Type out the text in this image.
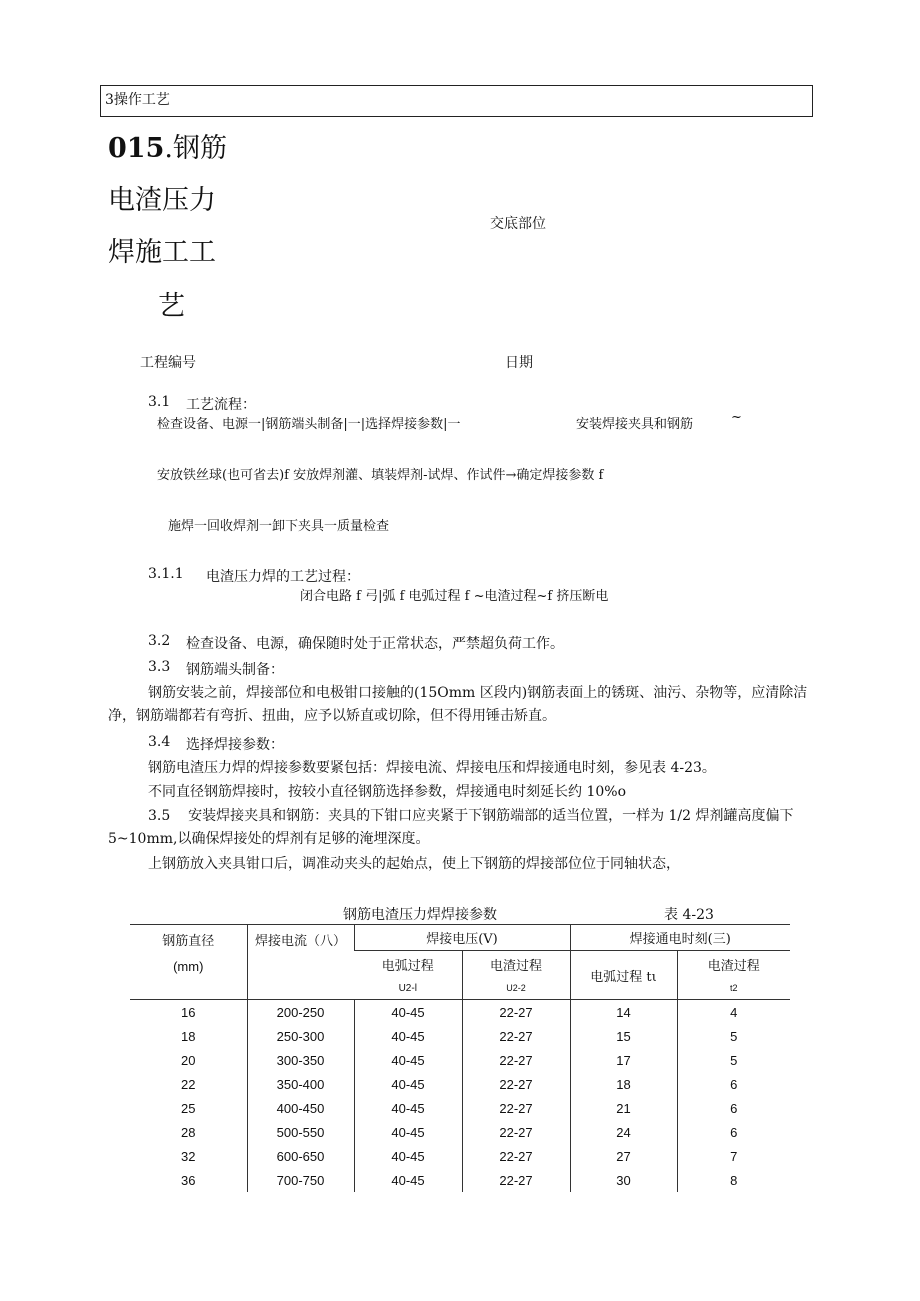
3操作工艺
015.钢筋
电渣压力
焊施工工
艺
交底部位
工程编号	日期
3.1 工艺流程：
检查设备、电源一|钢筋端头制备|一|选择焊接参数|一	安装焊接夹具和钢筋	~
安放铁丝球(也可省去)f 安放焊剂灌、填装焊剂-试焊、作试件→确定焊接参数 f
施焊一回收焊剂一卸下夹具一质量检查
3.1.1 电渣压力焊的工艺过程：
闭合电路 f 弓|弧 f 电弧过程 f ~电渣过程~f 挤压断电
3.2 检查设备、电源，确保随时处于正常状态，严禁超负荷工作。
3.3 钢筋端头制备：
钢筋安装之前，焊接部位和电极钳口接触的(15Omm 区段内)钢筋表面上的锈斑、油污、杂物等，应清除洁净，钢筋端都若有弯折、扭曲，应予以矫直或切除，但不得用锤击矫直。
3.4 选择焊接参数：
钢筋电渣压力焊的焊接参数要紧包括：焊接电流、焊接电压和焊接通电时刻，参见表 4-23。
不同直径钢筋焊接时，按较小直径钢筋选择参数，焊接通电时刻延长约 10%o
3.5 安装焊接夹具和钢筋：夹具的下钳口应夹紧于下钢筋端部的适当位置，一样为 1/2 焊剂罐高度偏下 5~10mm,以确保焊接处的焊剂有足够的淹埋深度。
上钢筋放入夹具钳口后，调准动夹头的起始点，使上下钢筋的焊接部位位于同轴状态，
钢筋电渣压力焊焊接参数	表 4-23
钢筋直径
(mm)	焊接电流（八）	焊接电压(V)		焊接通电时刻(三)	
		电弧过程	电渣过程	电弧过程 tι	电渣过程
		U2-l	U2-2		t2
16	200-250	40-45	22-27	14	4
18	250-300	40-45	22-27	15	5
20	300-350	40-45	22-27	17	5
22	350-400	40-45	22-27	18	6
25	400-450	40-45	22-27	21	6
28	500-550	40-45	22-27	24	6
32	600-650	40-45	22-27	27	7
36	700-750	40-45	22-27	30	8
